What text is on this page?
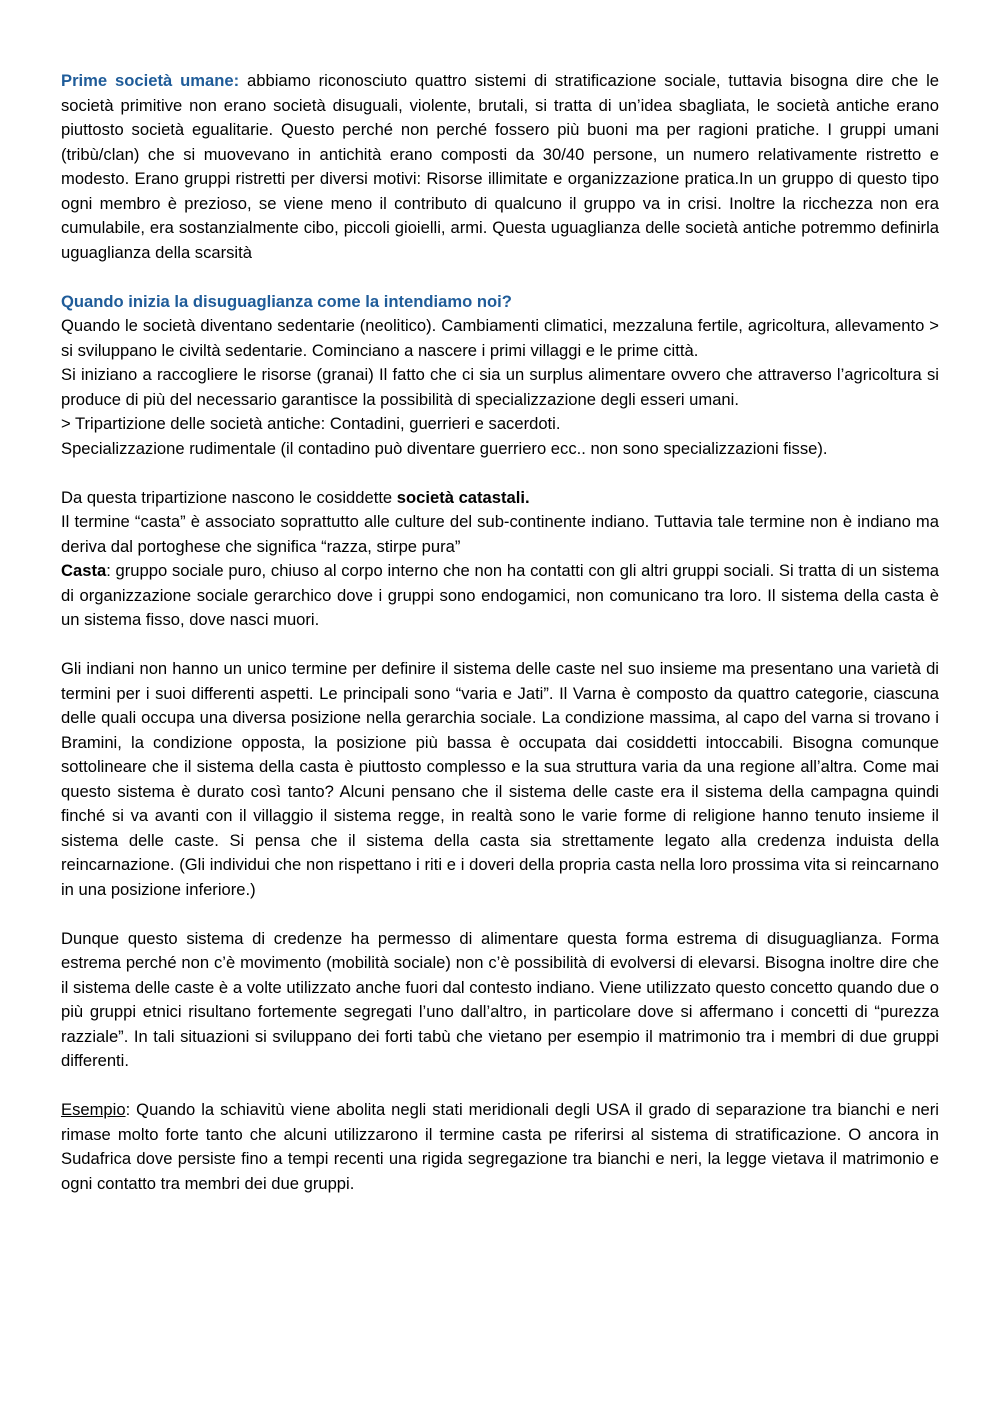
Prime società umane: abbiamo riconosciuto quattro sistemi di stratificazione sociale, tuttavia bisogna dire che le società primitive non erano società disuguali, violente, brutali, si tratta di un’idea sbagliata, le società antiche erano piuttosto società egualitarie. Questo perché non perché fossero più buoni ma per ragioni pratiche. I gruppi umani (tribù/clan) che si muovevano in antichità erano composti da 30/40 persone, un numero relativamente ristretto e modesto. Erano gruppi ristretti per diversi motivi: Risorse illimitate e organizzazione pratica.In un gruppo di questo tipo ogni membro è prezioso, se viene meno il contributo di qualcuno il gruppo va in crisi. Inoltre la ricchezza non era cumulabile, era sostanzialmente cibo, piccoli gioielli, armi. Questa uguaglianza delle società antiche potremmo definirla uguaglianza della scarsità

Quando inizia la disuguaglianza come la intendiamo noi?

Quando le società diventano sedentarie (neolitico). Cambiamenti climatici, mezzaluna fertile, agricoltura, allevamento > si sviluppano le civiltà sedentarie. Cominciano a nascere i primi villaggi e le prime città.

Si iniziano a raccogliere le risorse (granai) Il fatto che ci sia un surplus alimentare ovvero che attraverso l’agricoltura si produce di più del necessario garantisce la possibilità di specializzazione degli esseri umani.

> Tripartizione delle società antiche: Contadini, guerrieri e sacerdoti.

Specializzazione rudimentale (il contadino può diventare guerriero ecc.. non sono specializzazioni fisse).

Da questa tripartizione nascono le cosiddette società catastali.

Il termine “casta” è associato soprattutto alle culture del sub-continente indiano. Tuttavia tale termine non è indiano ma deriva dal portoghese che significa “razza, stirpe pura”

Casta: gruppo sociale puro, chiuso al corpo interno che non ha contatti con gli altri gruppi sociali. Si tratta di un sistema di organizzazione sociale gerarchico dove i gruppi sono endogamici, non comunicano tra loro. Il sistema della casta è un sistema fisso, dove nasci muori.

Gli indiani non hanno un unico termine per definire il sistema delle caste nel suo insieme ma presentano una varietà di termini per i suoi differenti aspetti. Le principali sono “varia e Jati”. Il Varna è composto da quattro categorie, ciascuna delle quali occupa una diversa posizione nella gerarchia sociale. La condizione massima, al capo del varna si trovano i Bramini, la condizione opposta, la posizione più bassa è occupata dai cosiddetti intoccabili. Bisogna comunque sottolineare che il sistema della casta è piuttosto complesso e la sua struttura varia da una regione all’altra. Come mai questo sistema è durato così tanto? Alcuni pensano che il sistema delle caste era il sistema della campagna quindi finché si va avanti con il villaggio il sistema regge, in realtà sono le varie forme di religione hanno tenuto insieme il sistema delle caste. Si pensa che il sistema della casta sia strettamente legato alla credenza induista della reincarnazione. (Gli individui che non rispettano i riti e i doveri della propria casta nella loro prossima vita si reincarnano in una posizione inferiore.)

Dunque questo sistema di credenze ha permesso di alimentare questa forma estrema di disuguaglianza. Forma estrema perché non c’è movimento (mobilità sociale) non c’è possibilità di evolversi di elevarsi. Bisogna inoltre dire che il sistema delle caste è a volte utilizzato anche fuori dal contesto indiano. Viene utilizzato questo concetto quando due o più gruppi etnici risultano fortemente segregati l’uno dall’altro, in particolare dove si affermano i concetti di “purezza razziale”. In tali situazioni si sviluppano dei forti tabù che vietano per esempio il matrimonio tra i membri di due gruppi differenti.

Esempio: Quando la schiavitù viene abolita negli stati meridionali degli USA il grado di separazione tra bianchi e neri rimase molto forte tanto che alcuni utilizzarono il termine casta pe riferirsi al sistema di stratificazione. O ancora in Sudafrica dove persiste fino a tempi recenti una rigida segregazione tra bianchi e neri, la legge vietava il matrimonio e ogni contatto tra membri dei due gruppi.
